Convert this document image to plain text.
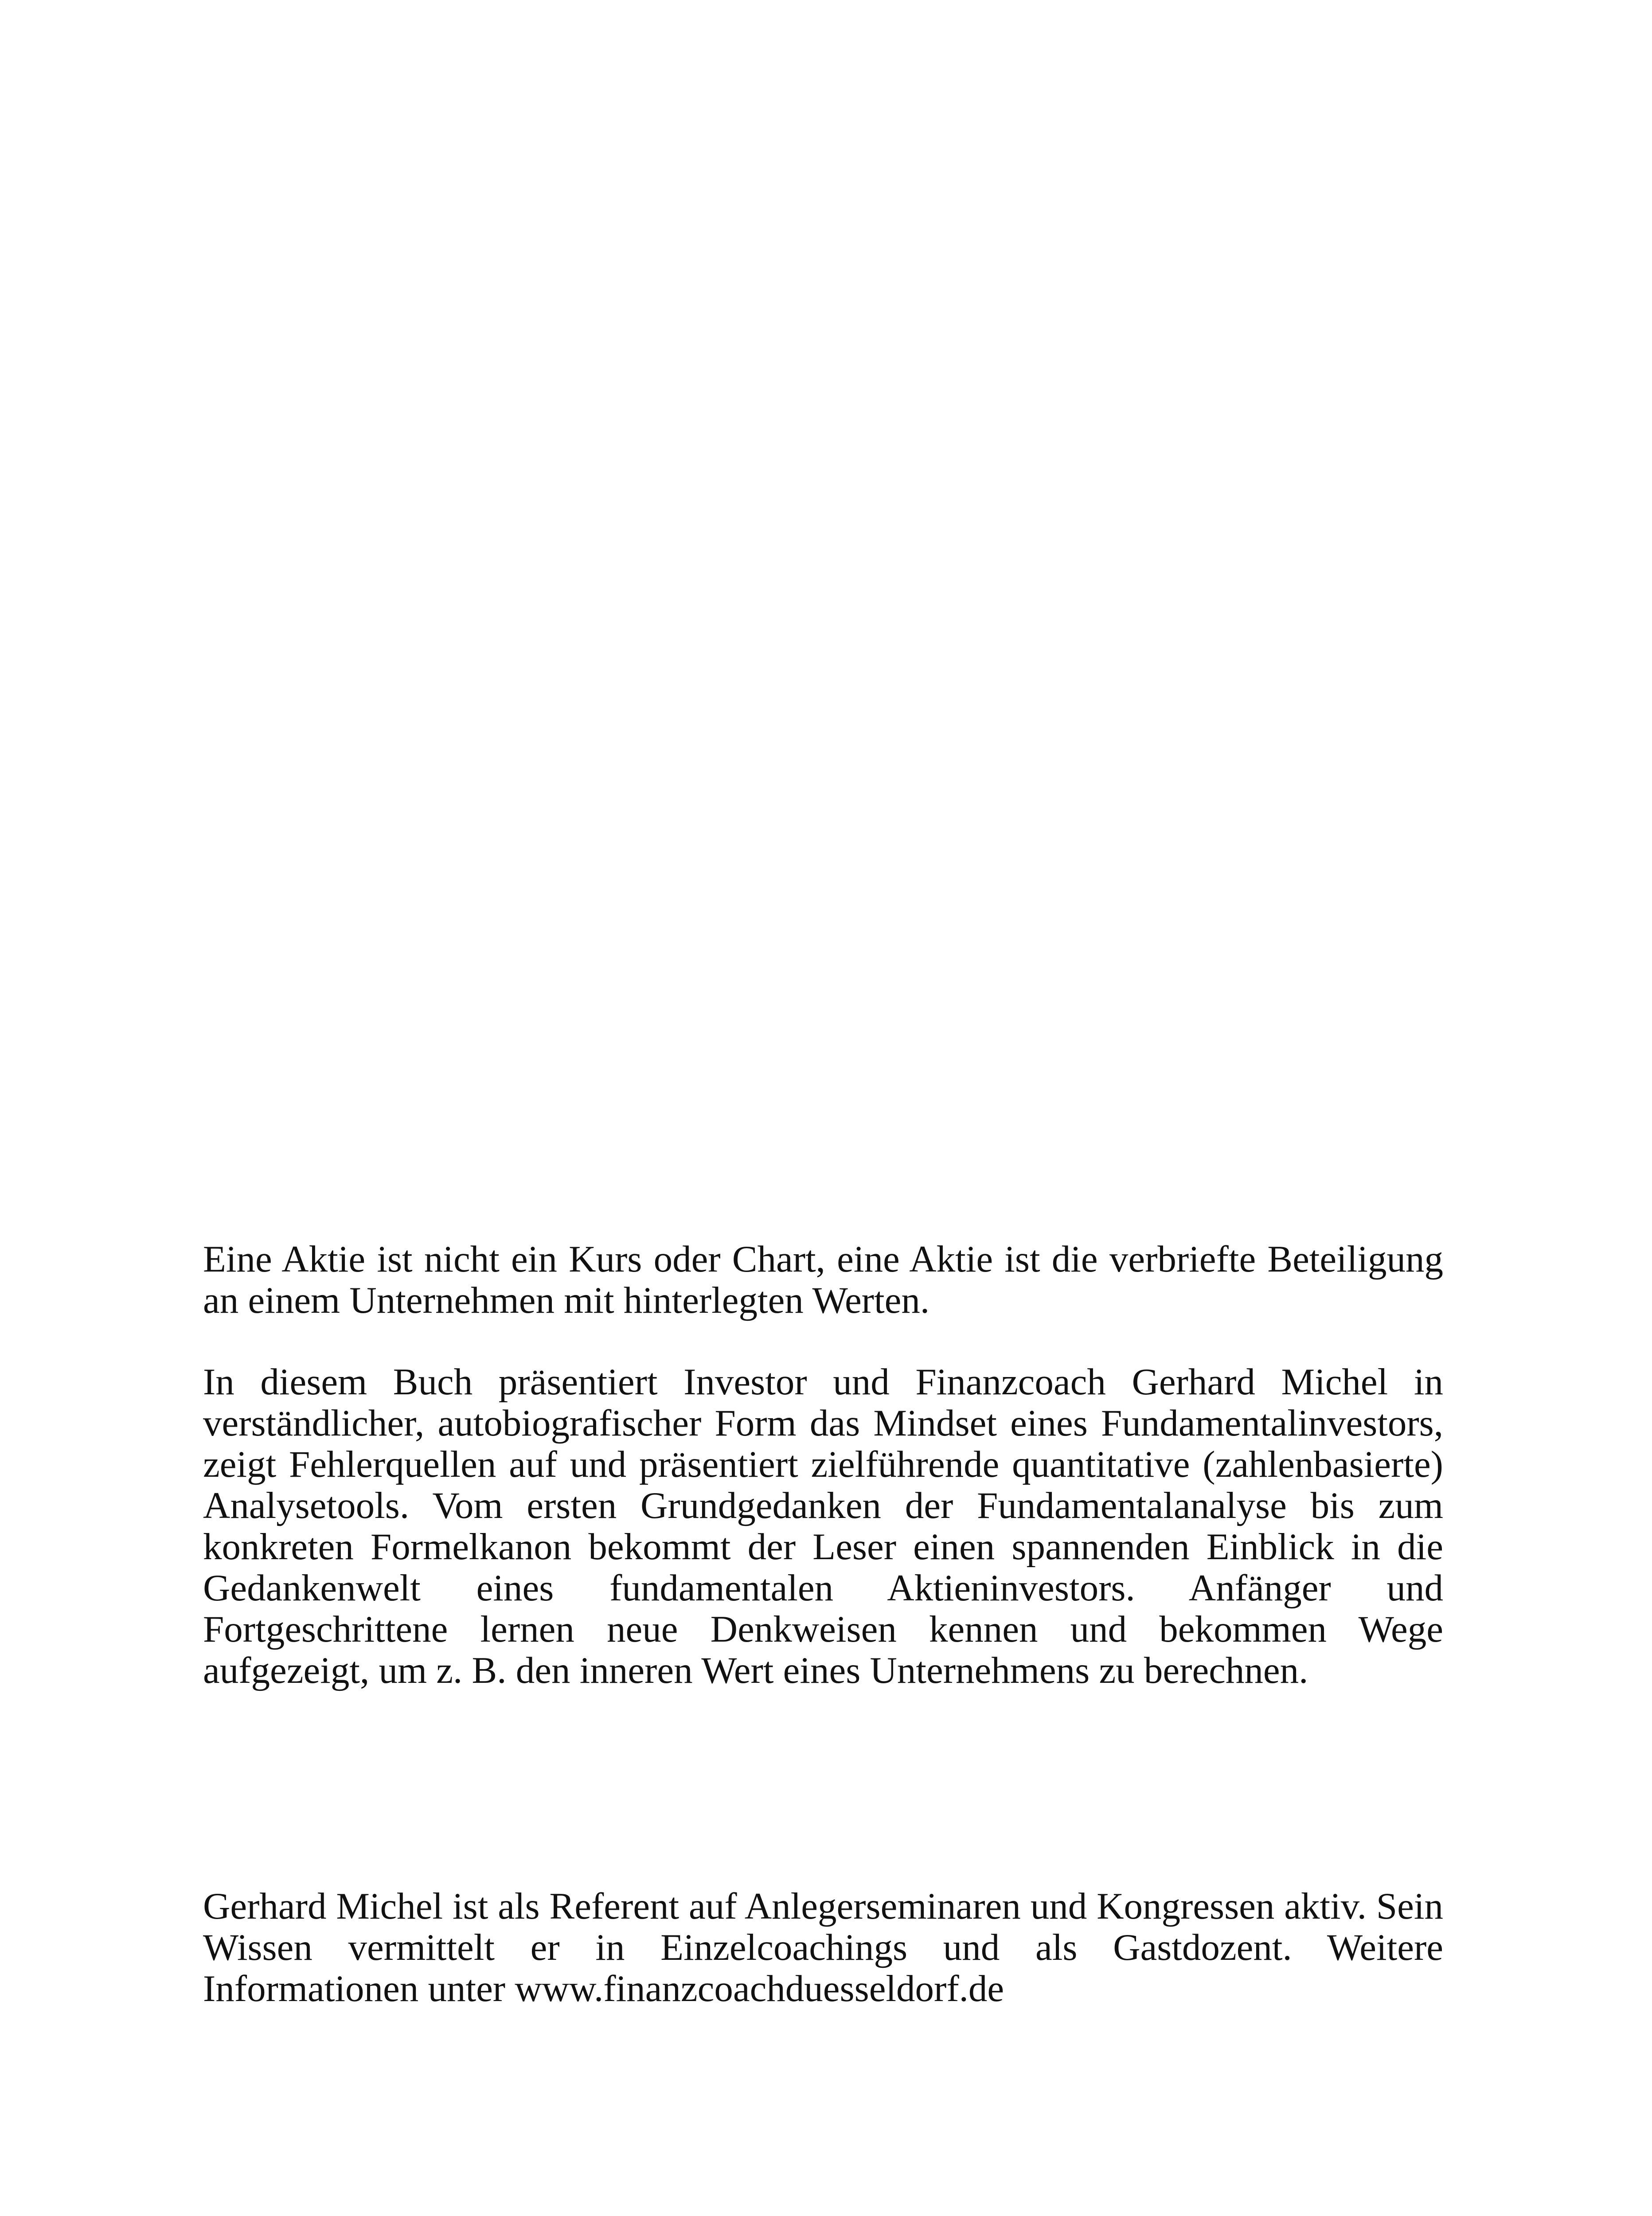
Eine Aktie ist nicht ein Kurs oder Chart, eine Aktie ist die verbriefte Beteiligung an einem Unternehmen mit hinterlegten Werten.

In diesem Buch präsentiert Investor und Finanzcoach Gerhard Michel in verständlicher, autobiografischer Form das Mindset eines Fundamentalinvestors, zeigt Fehlerquellen auf und präsentiert zielführende quantitative (zahlenbasierte) Analysetools. Vom ersten Grundgedanken der Fundamentalanalyse bis zum konkreten Formelkanon bekommt der Leser einen spannenden Einblick in die Gedankenwelt eines fundamentalen Aktieninvestors. Anfänger und Fortgeschrittene lernen neue Denkweisen kennen und bekommen Wege aufgezeigt, um z. B. den inneren Wert eines Unternehmens zu berechnen.

Gerhard Michel ist als Referent auf Anlegerseminaren und Kongressen aktiv. Sein Wissen vermittelt er in Einzelcoachings und als Gastdozent. Weitere Informationen unter www.finanzcoachduesseldorf.de
